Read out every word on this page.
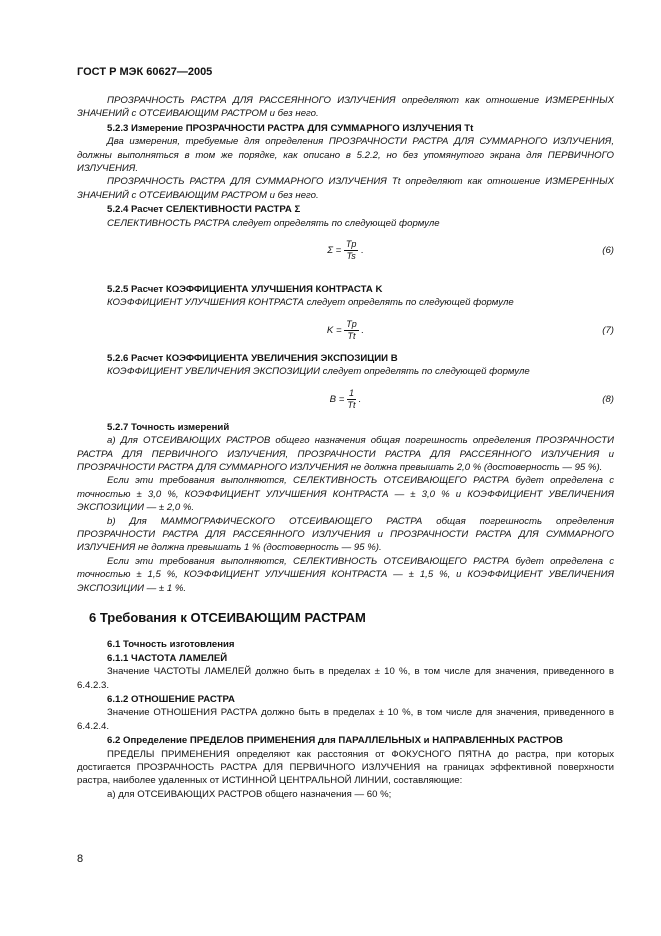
ГОСТ Р МЭК 60627—2005

ПРОЗРАЧНОСТЬ РАСТРА ДЛЯ РАССЕЯННОГО ИЗЛУЧЕНИЯ определяют как отношение ИЗМЕРЕННЫХ ЗНАЧЕНИЙ с ОТСЕИВАЮЩИМ РАСТРОМ и без него.

5.2.3 Измерение ПРОЗРАЧНОСТИ РАСТРА ДЛЯ СУММАРНОГО ИЗЛУЧЕНИЯ Tt

Два измерения, требуемые для определения ПРОЗРАЧНОСТИ РАСТРА ДЛЯ СУММАРНОГО ИЗЛУЧЕНИЯ, должны выполняться в том же порядке, как описано в 5.2.2, но без упомянутого экрана для ПЕРВИЧНОГО ИЗЛУЧЕНИЯ.

ПРОЗРАЧНОСТЬ РАСТРА ДЛЯ СУММАРНОГО ИЗЛУЧЕНИЯ Tt определяют как отношение ИЗМЕРЕННЫХ ЗНАЧЕНИЙ с ОТСЕИВАЮЩИМ РАСТРОМ и без него.

5.2.4 Расчет СЕЛЕКТИВНОСТИ РАСТРА Σ

СЕЛЕКТИВНОСТЬ РАСТРА следует определять по следующей формуле

$\Sigma = \frac{Tp}{Ts}$ .	(6)

5.2.5 Расчет КОЭФФИЦИЕНТА УЛУЧШЕНИЯ КОНТРАСТА K

КОЭФФИЦИЕНТ УЛУЧШЕНИЯ КОНТРАСТА следует определять по следующей формуле

$K = \frac{Tp}{Tt}$ .	(7)

5.2.6 Расчет КОЭФФИЦИЕНТА УВЕЛИЧЕНИЯ ЭКСПОЗИЦИИ B

КОЭФФИЦИЕНТ УВЕЛИЧЕНИЯ ЭКСПОЗИЦИИ следует определять по следующей формуле

$B = \frac{1}{Tt}$ .	(8)

5.2.7 Точность измерений

a) Для ОТСЕИВАЮЩИХ РАСТРОВ общего назначения общая погрешность определения ПРОЗРАЧНОСТИ РАСТРА ДЛЯ ПЕРВИЧНОГО ИЗЛУЧЕНИЯ, ПРОЗРАЧНОСТИ РАСТРА ДЛЯ РАССЕЯННОГО ИЗЛУЧЕНИЯ и ПРОЗРАЧНОСТИ РАСТРА ДЛЯ СУММАРНОГО ИЗЛУЧЕНИЯ не должна превышать 2,0 % (достоверность — 95 %).

Если эти требования выполняются, СЕЛЕКТИВНОСТЬ ОТСЕИВАЮЩЕГО РАСТРА будет определена с точностью ± 3,0 %, КОЭФФИЦИЕНТ УЛУЧШЕНИЯ КОНТРАСТА — ± 3,0 % и КОЭФФИЦИЕНТ УВЕЛИЧЕНИЯ ЭКСПОЗИЦИИ — ± 2,0 %.

b) Для МАММОГРАФИЧЕСКОГО ОТСЕИВАЮЩЕГО РАСТРА общая погрешность определения ПРОЗРАЧНОСТИ РАСТРА ДЛЯ РАССЕЯННОГО ИЗЛУЧЕНИЯ и ПРОЗРАЧНОСТИ РАСТРА ДЛЯ СУММАРНОГО ИЗЛУЧЕНИЯ не должна превышать 1 % (достоверность — 95 %).

Если эти требования выполняются, СЕЛЕКТИВНОСТЬ ОТСЕИВАЮЩЕГО РАСТРА будет определена с точностью ± 1,5 %, КОЭФФИЦИЕНТ УЛУЧШЕНИЯ КОНТРАСТА — ± 1,5 %, и КОЭФФИЦИЕНТ УВЕЛИЧЕНИЯ ЭКСПОЗИЦИИ — ± 1 %.

6 Требования к ОТСЕИВАЮЩИМ РАСТРАМ

6.1 Точность изготовления

6.1.1 ЧАСТОТА ЛАМЕЛЕЙ

Значение ЧАСТОТЫ ЛАМЕЛЕЙ должно быть в пределах ± 10 %, в том числе для значения, приведенного в 6.4.2.3.

6.1.2 ОТНОШЕНИЕ РАСТРА

Значение ОТНОШЕНИЯ РАСТРА должно быть в пределах ± 10 %, в том числе для значения, приведенного в 6.4.2.4.

6.2 Определение ПРЕДЕЛОВ ПРИМЕНЕНИЯ для ПАРАЛЛЕЛЬНЫХ и НАПРАВЛЕННЫХ РАСТРОВ

ПРЕДЕЛЫ ПРИМЕНЕНИЯ определяют как расстояния от ФОКУСНОГО ПЯТНА до растра, при которых достигается ПРОЗРАЧНОСТЬ РАСТРА ДЛЯ ПЕРВИЧНОГО ИЗЛУЧЕНИЯ на границах эффективной поверхности растра, наиболее удаленных от ИСТИННОЙ ЦЕНТРАЛЬНОЙ ЛИНИИ, составляющие:

a) для ОТСЕИВАЮЩИХ РАСТРОВ общего назначения — 60 %;

8
